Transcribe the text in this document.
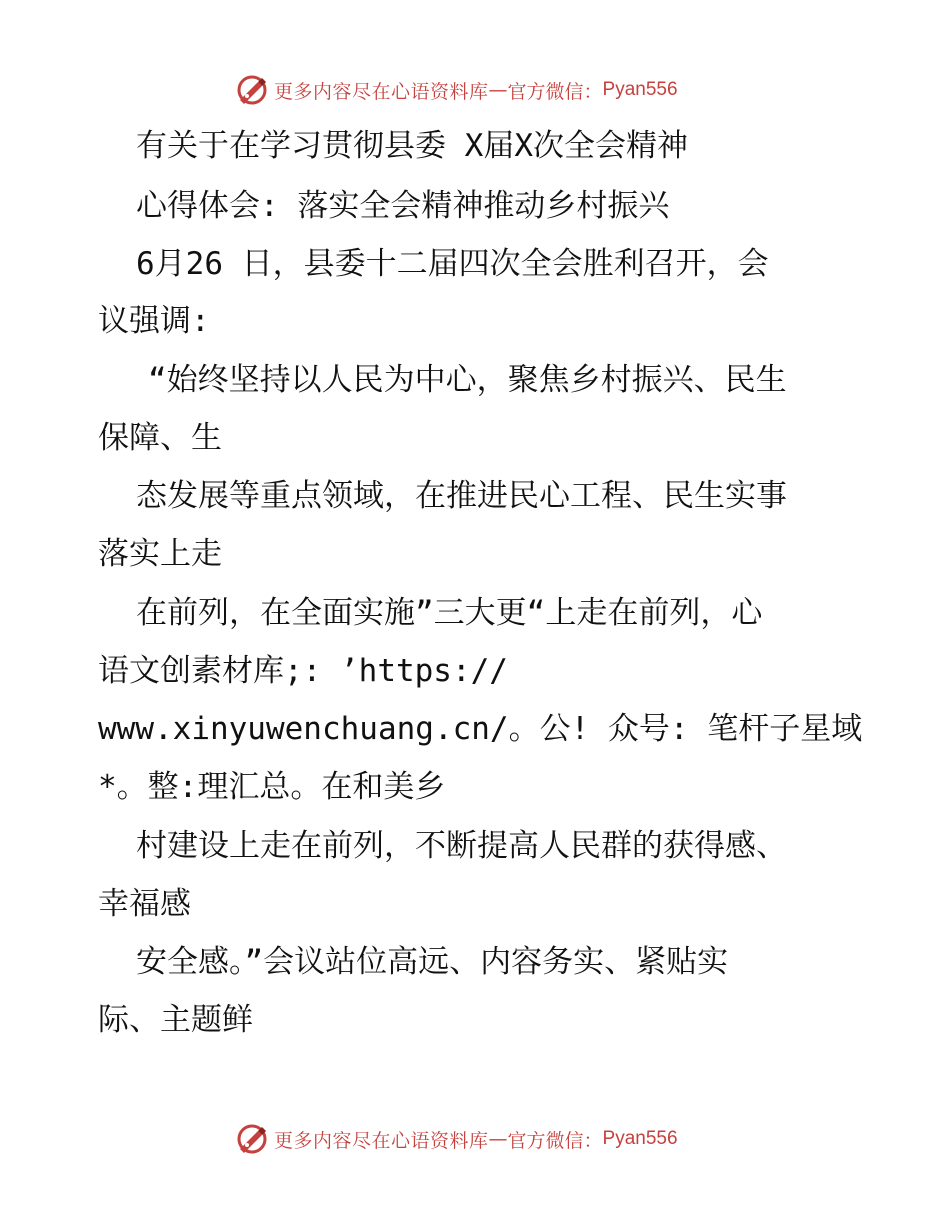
更多内容尽在心语资料库 — 官方微信： Pyan556
有关于在学习贯彻县委 X届X次全会精神
心得体会: 落实全会精神推动乡村振兴
6月26 日，县委十二届四次全会胜利召开，会
议强调:
“始终坚持以人民为中心，聚焦乡村振兴、民生
保障、生
态发展等重点领域，在推进民心工程、民生实事
落实上走
在前列，在全面实施”三大更“上走在前列，心
语文创素材库;: ’https://
www.xinyuwenchuang.cn/。公! 众号: 笔杆子星域
*。整:理汇总。在和美乡
村建设上走在前列，不断提高人民群的获得感、
幸福感
安全感。”会议站位高远、内容务实、紧贴实
际、主题鲜
更多内容尽在心语资料库 — 官方微信： Pyan556
